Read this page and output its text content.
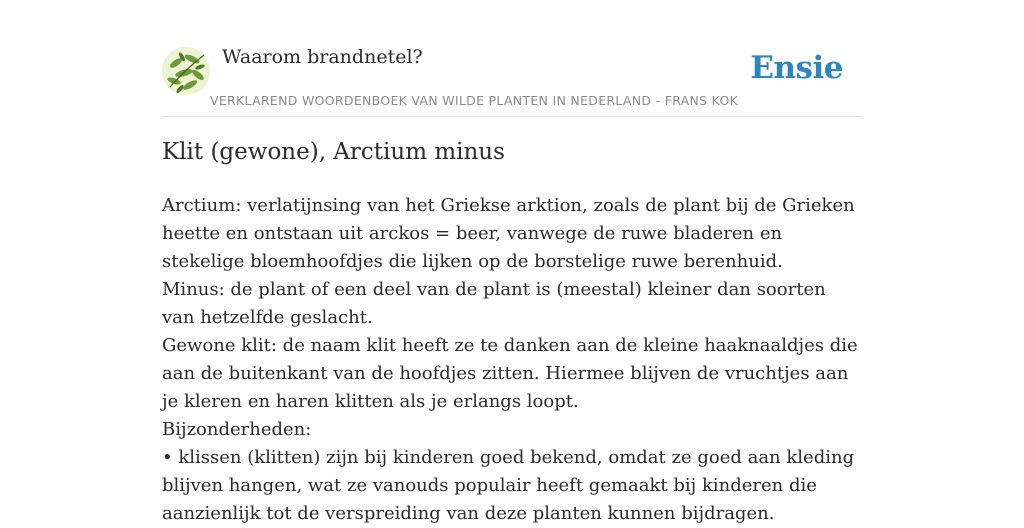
Waarom brandnetel?	Ensie
VERKLAREND WOORDENBOEK VAN WILDE PLANTEN IN NEDERLAND - FRANS KOK
Klit (gewone), Arctium minus

Arctium: verlatijnsing van het Griekse arktion, zoals de plant bij de Grieken heette en ontstaan uit arckos = beer, vanwege de ruwe bladeren en stekelige bloemhoofdjes die lijken op de borstelige ruwe berenhuid.

Minus: de plant of een deel van de plant is (meestal) kleiner dan soorten van hetzelfde geslacht.

Gewone klit: de naam klit heeft ze te danken aan de kleine haaknaaldjes die aan de buitenkant van de hoofdjes zitten. Hiermee blijven de vruchtjes aan je kleren en haren klitten als je erlangs loopt.

Bijzonderheden:

• klissen (klitten) zijn bij kinderen goed bekend, omdat ze goed aan kleding blijven hangen, wat ze vanouds populair heeft gemaakt bij kinderen die aanzienlijk tot de verspreiding van deze planten kunnen bijdragen.
